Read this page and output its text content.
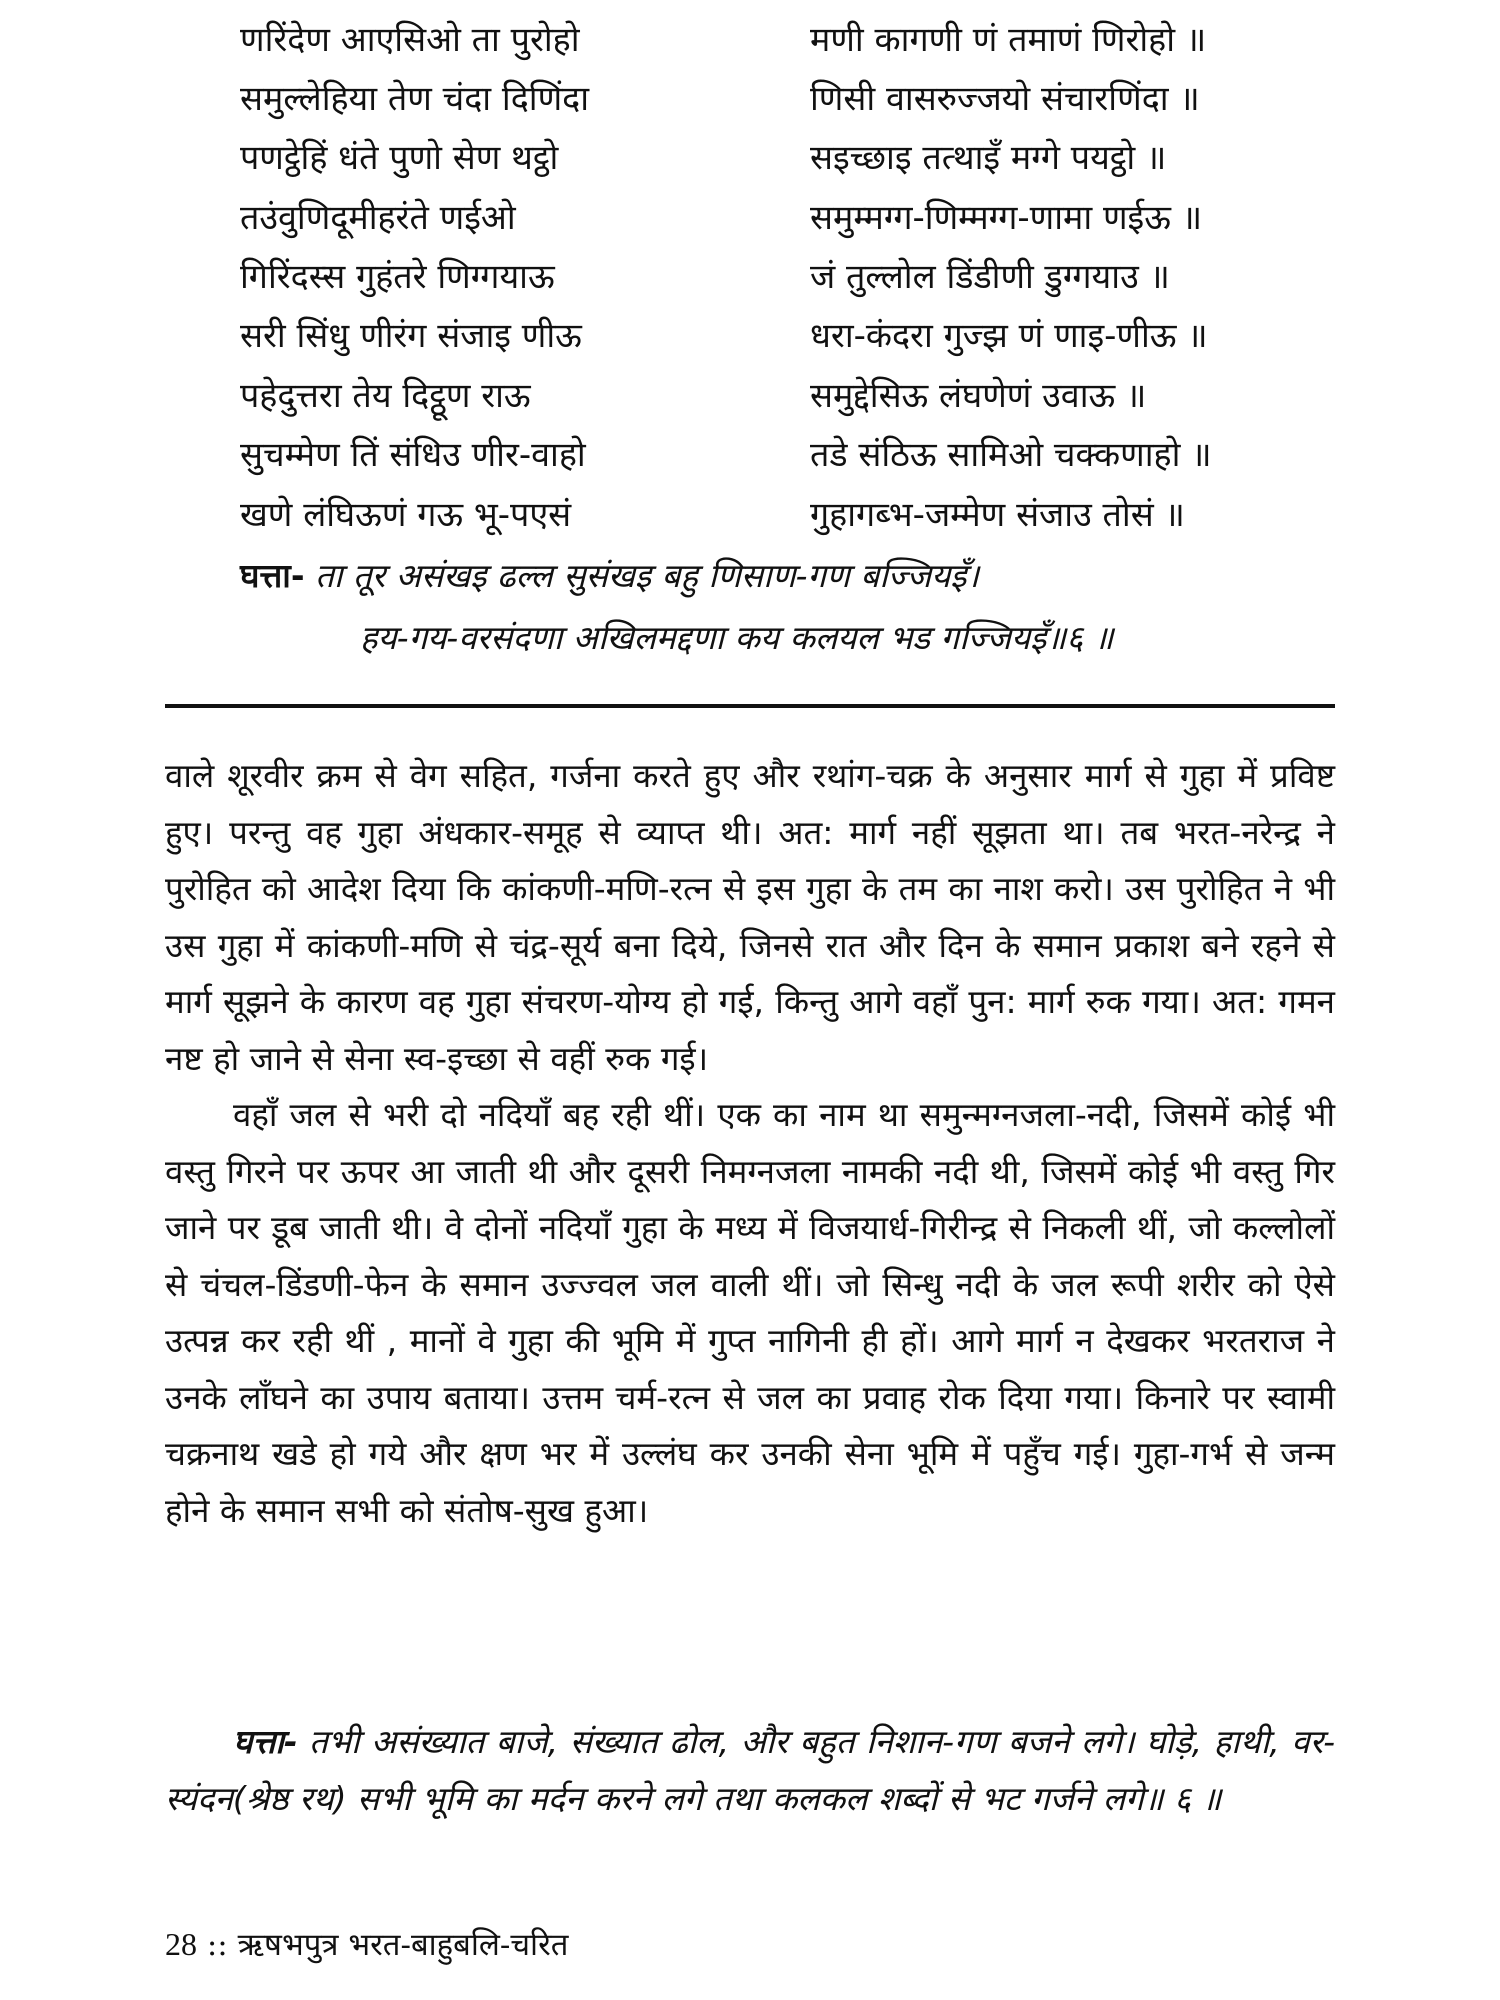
णरिंदेण आएसिओ ता पुरोहो	मणी कागणी णं तमाणं णिरोहो ॥
समुल्लेहिया तेण चंदा दिणिंदा	णिसी वासरुज्जयो संचारणिंदा ॥
पणट्ठेहिं धंते पुणो सेण थट्ठो	सइच्छाइ तत्थाइँ मग्गे पयट्ठो ॥
तउंवुणिदूमीहरंते णईओ	समुम्मग्ग-णिम्मग्ग-णामा णईऊ ॥
गिरिंदस्स गुहंतरे णिग्गयाऊ	जं तुल्लोल डिंडीणी डुग्गयाउ ॥
सरी सिंधु णीरंग संजाइ णीऊ	धरा-कंदरा गुज्झ णं णाइ-णीऊ ॥
पहेदुत्तरा तेय दिट्ठूण राऊ	समुद्देसिऊ लंघणेणं उवाऊ ॥
सुचम्मेण तिं संधिउ णीर-वाहो	तडे संठिऊ सामिओ चक्कणाहो ॥
खणे लंघिऊणं गऊ भू-पएसं	गुहागब्भ-जम्मेण संजाउ तोसं ॥
घत्ता- ता तूर असंखइ ढल्ल सुसंखइ बहु णिसाण-गण बज्जियइँ।
हय-गय-वरसंदणा अखिलमद्दणा कय कलयल भड गज्जियइँ॥६ ॥

वाले शूरवीर क्रम से वेग सहित, गर्जना करते हुए और रथांग-चक्र के अनुसार मार्ग से गुहा में प्रविष्ट हुए। परन्तु वह गुहा अंधकार-समूह से व्याप्त थी। अत: मार्ग नहीं सूझता था। तब भरत-नरेन्द्र ने पुरोहित को आदेश दिया कि कांकणी-मणि-रत्न से इस गुहा के तम का नाश करो। उस पुरोहित ने भी उस गुहा में कांकणी-मणि से चंद्र-सूर्य बना दिये, जिनसे रात और दिन के समान प्रकाश बने रहने से मार्ग सूझने के कारण वह गुहा संचरण-योग्य हो गई, किन्तु आगे वहाँ पुन: मार्ग रुक गया। अत: गमन नष्ट हो जाने से सेना स्व-इच्छा से वहीं रुक गई।

वहाँ जल से भरी दो नदियाँ बह रही थीं। एक का नाम था समुन्मग्नजला-नदी, जिसमें कोई भी वस्तु गिरने पर ऊपर आ जाती थी और दूसरी निमग्नजला नामकी नदी थी, जिसमें कोई भी वस्तु गिर जाने पर डूब जाती थी। वे दोनों नदियाँ गुहा के मध्य में विजयार्ध-गिरीन्द्र से निकली थीं, जो कल्लोलों से चंचल-डिंडणी-फेन के समान उज्ज्वल जल वाली थीं। जो सिन्धु नदी के जल रूपी शरीर को ऐसे उत्पन्न कर रही थीं , मानों वे गुहा की भूमि में गुप्त नागिनी ही हों। आगे मार्ग न देखकर भरतराज ने उनके लाँघने का उपाय बताया। उत्तम चर्म-रत्न से जल का प्रवाह रोक दिया गया। किनारे पर स्वामी चक्रनाथ खडे हो गये और क्षण भर में उल्लंघ कर उनकी सेना भूमि में पहुँच गई। गुहा-गर्भ से जन्म होने के समान सभी को संतोष-सुख हुआ।

घत्ता- तभी असंख्यात बाजे, संख्यात ढोल, और बहुत निशान-गण बजने लगे। घोड़े, हाथी, वर-स्यंदन(श्रेष्ठ रथ) सभी भूमि का मर्दन करने लगे तथा कलकल शब्दों से भट गर्जने लगे॥ ६ ॥
28 :: ऋषभपुत्र भरत-बाहुबलि-चरित
